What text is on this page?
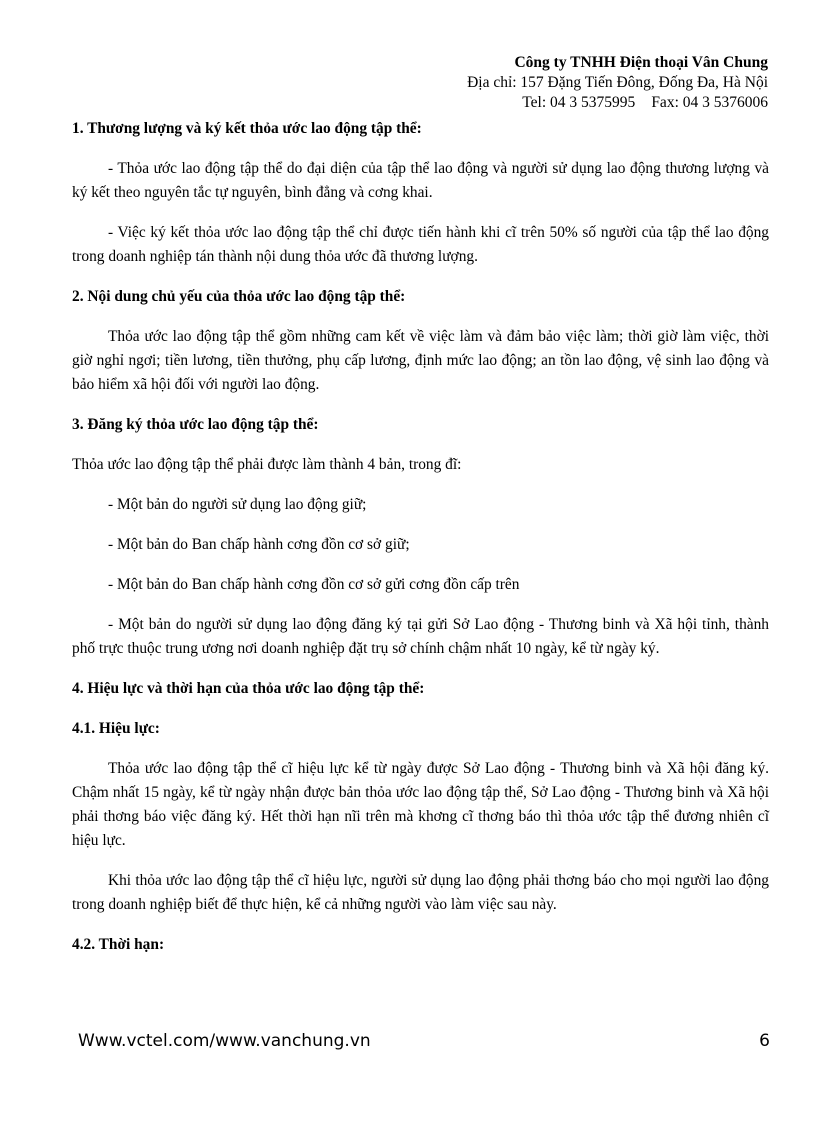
Công ty TNHH Điện thoại Vân Chung
Địa chỉ: 157 Đặng Tiến Đông, Đống Đa, Hà Nội
Tel: 04 3 5375995 Fax: 04 3 5376006

1. Thương lượng và ký kết thỏa ước lao động tập thể:

- Thỏa ước lao động tập thể do đại diện của tập thể lao động và người sử dụng lao động thương lượng và ký kết theo nguyên tắc tự nguyên, bình đẳng và cơng khai.

- Việc ký kết thỏa ước lao động tập thể chỉ được tiến hành khi cĩ trên 50% số người của tập thể lao động trong doanh nghiệp tán thành nội dung thỏa ước đã thương lượng.

2. Nội dung chủ yếu của thỏa ước lao động tập thể:

Thỏa ước lao động tập thể gồm những cam kết về việc làm và đảm bảo việc làm; thời giờ làm việc, thời giờ nghỉ ngơi; tiền lương, tiền thưởng, phụ cấp lương, định mức lao động; an tồn lao động, vệ sinh lao động và bảo hiểm xã hội đối với người lao động.

3. Đăng ký thỏa ước lao động tập thể:

Thỏa ước lao động tập thể phải được làm thành 4 bản, trong đĩ:

- Một bản do người sử dụng lao động giữ;

- Một bản do Ban chấp hành cơng đồn cơ sở giữ;

- Một bản do Ban chấp hành cơng đồn cơ sở gửi cơng đồn cấp trên

- Một bản do người sử dụng lao động đăng ký tại gửi Sở Lao động - Thương binh và Xã hội tỉnh, thành phố trực thuộc trung ương nơi doanh nghiệp đặt trụ sở chính chậm nhất 10 ngày, kể từ ngày ký.

4. Hiệu lực và thời hạn của thỏa ước lao động tập thể:

4.1. Hiệu lực:

Thỏa ước lao động tập thể cĩ hiệu lực kể từ ngày được Sở Lao động - Thương binh và Xã hội đăng ký. Chậm nhất 15 ngày, kể từ ngày nhận được bản thỏa ước lao động tập thể, Sở Lao động - Thương binh và Xã hội phải thơng báo việc đăng ký. Hết thời hạn nĩi trên mà khơng cĩ thơng báo thì thỏa ước tập thể đương nhiên cĩ hiệu lực.

Khi thỏa ước lao động tập thể cĩ hiệu lực, người sử dụng lao động phải thơng báo cho mọi người lao động trong doanh nghiệp biết để thực hiện, kể cả những người vào làm việc sau này.

4.2. Thời hạn:

Www.vctel.com/www.vanchung.vn	6
